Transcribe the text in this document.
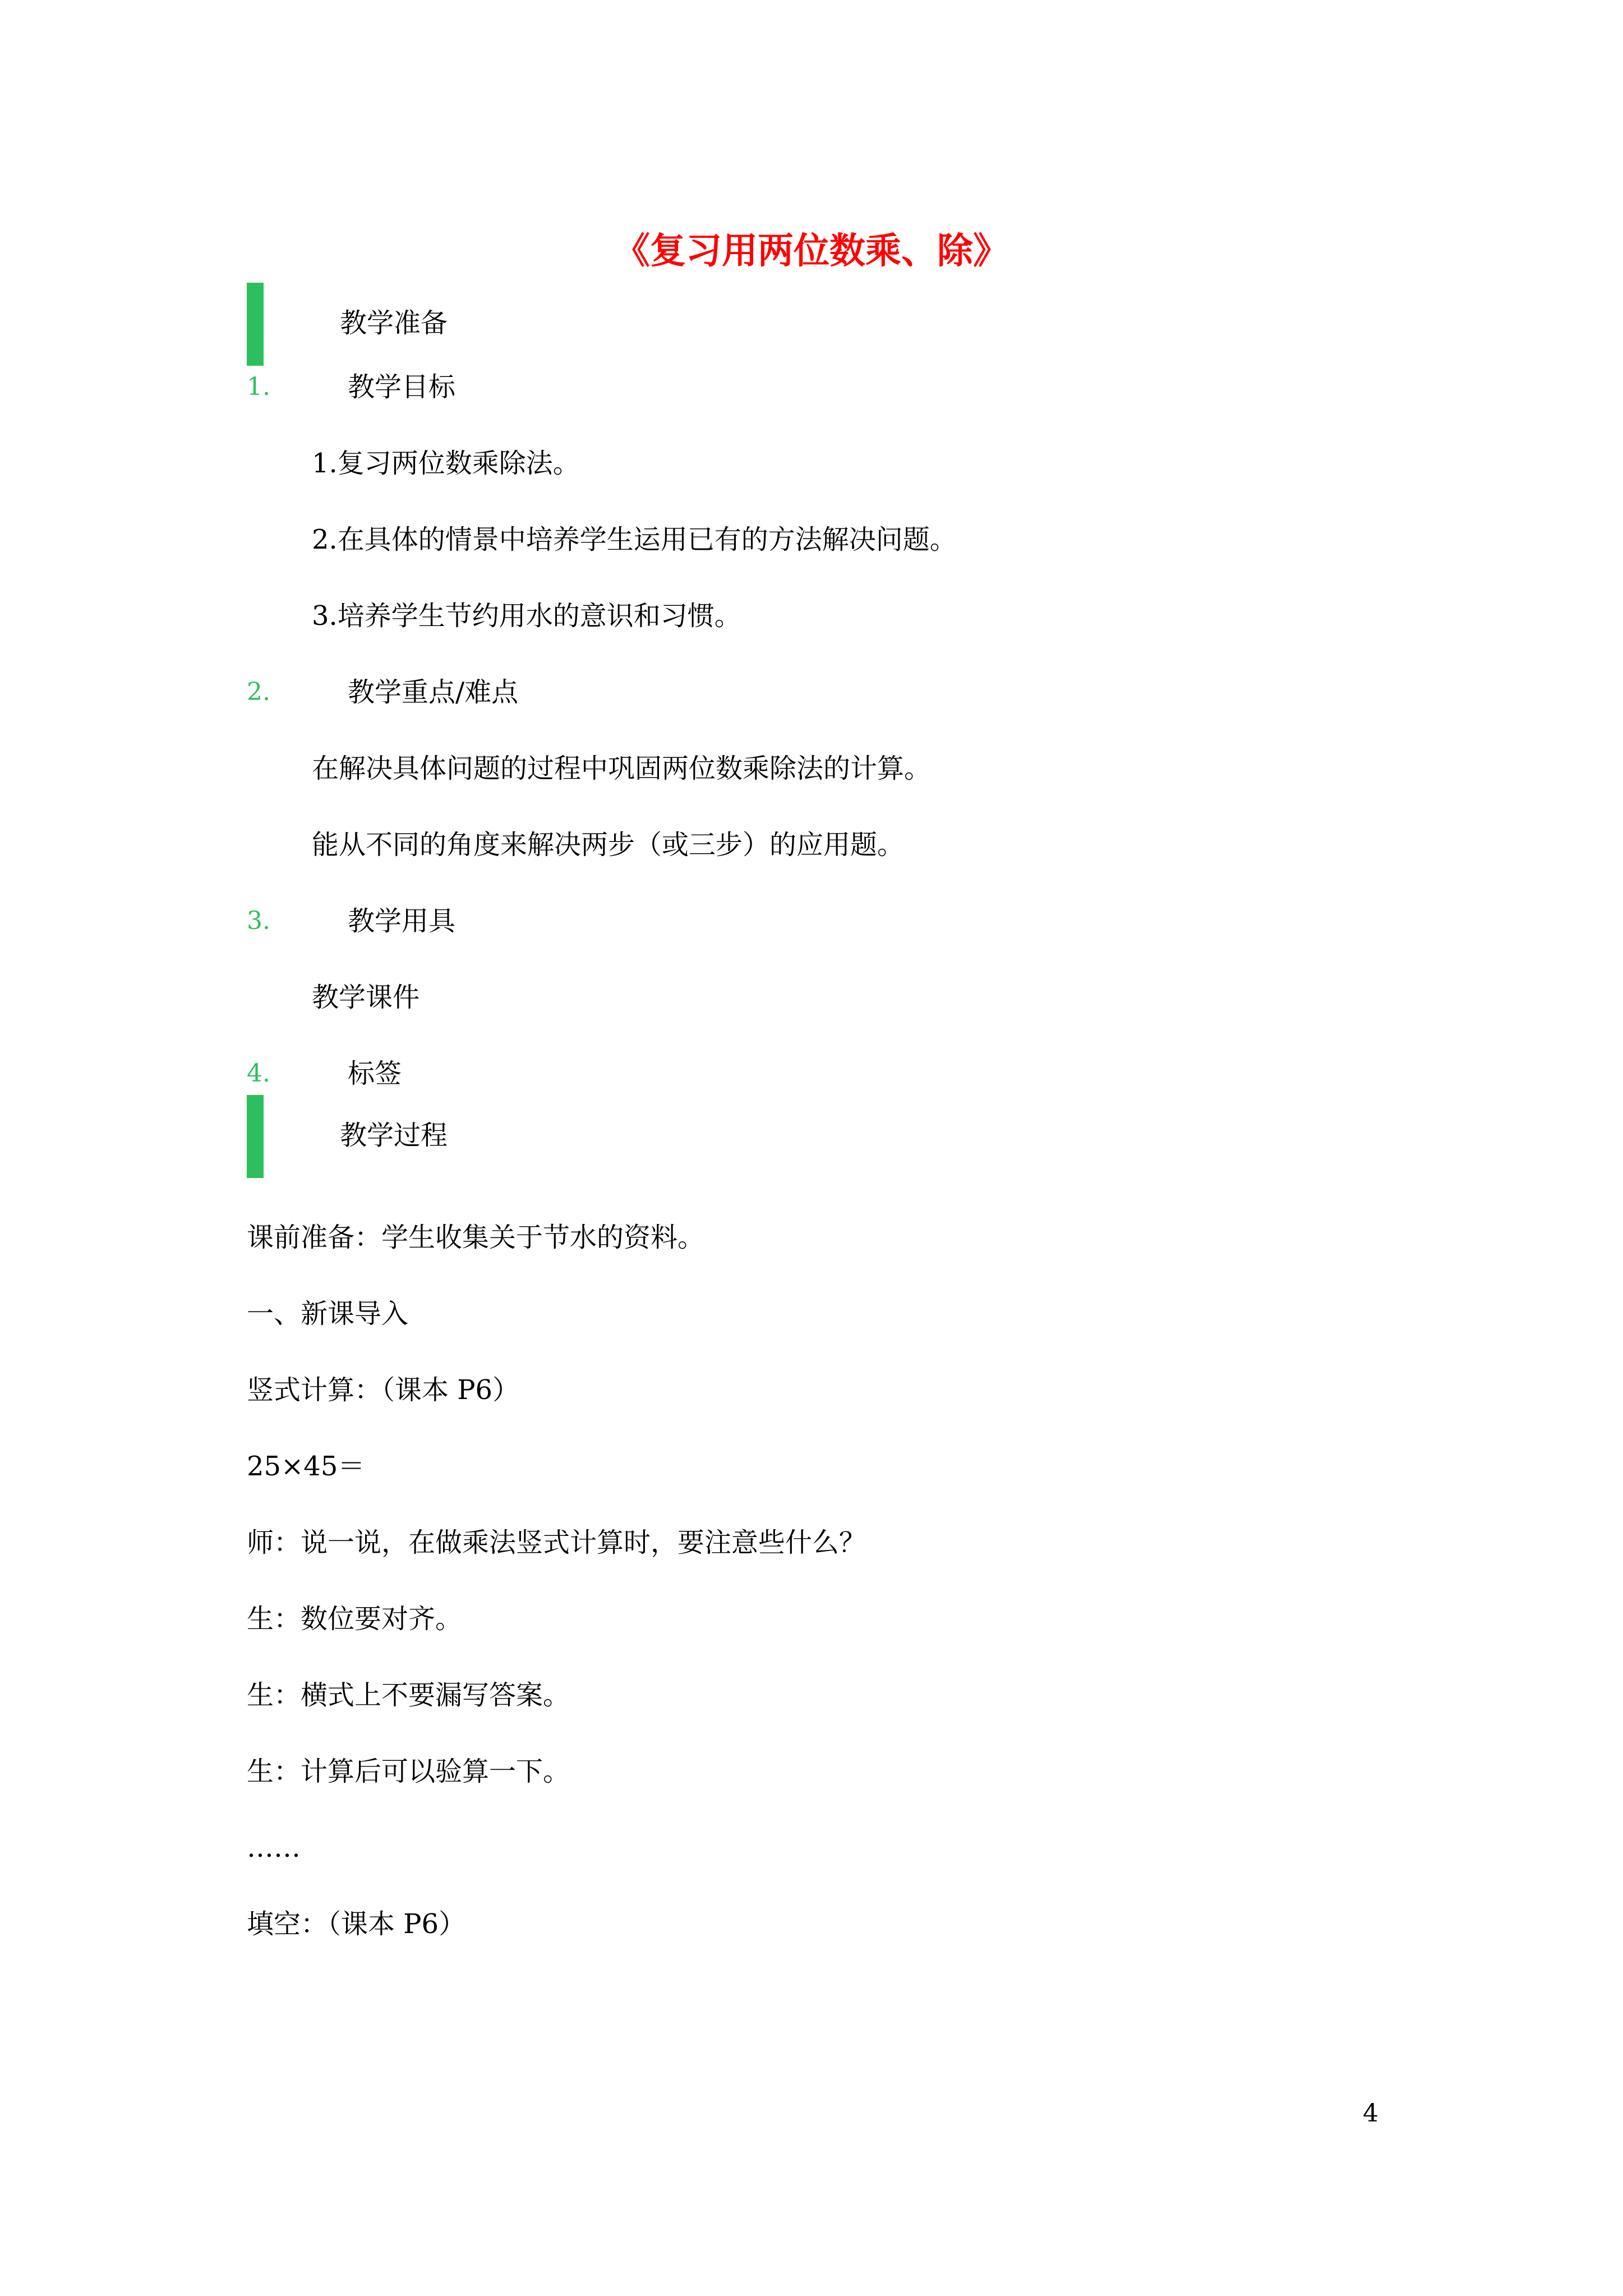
《复习用两位数乘、除》
教学准备
1.	教学目标
1.复习两位数乘除法。
2.在具体的情景中培养学生运用已有的方法解决问题。
3.培养学生节约用水的意识和习惯。
2.	教学重点/难点
在解决具体问题的过程中巩固两位数乘除法的计算。
能从不同的角度来解决两步（或三步）的应用题。
3.	教学用具
教学课件
4.	标签
教学过程
课前准备：学生收集关于节水的资料。
一、新课导入
竖式计算：（课本 P6）
25×45＝
师：说一说，在做乘法竖式计算时，要注意些什么？
生：数位要对齐。
生：横式上不要漏写答案。
生：计算后可以验算一下。
……
填空：（课本 P6）
4
